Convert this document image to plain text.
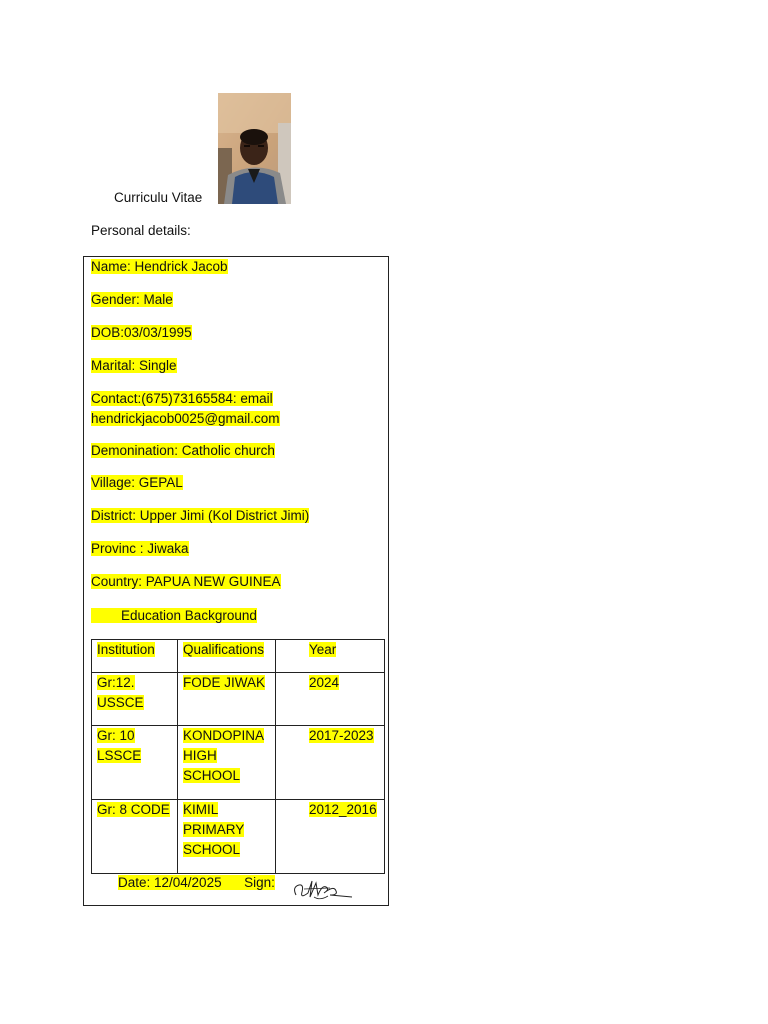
Curriculu Vitae
Personal details:
Name: Hendrick Jacob
Gender: Male
DOB:03/03/1995
Marital: Single
Contact:(675)73165584: email
hendrickjacob0025@gmail.com
Demonination: Catholic church
Village: GEPAL
District: Upper Jimi (Kol District Jimi)
Provinc : Jiwaka
Country: PAPUA NEW GUINEA
Education Background
Institution	Qualifications	Year
Gr:12. USSCE	FODE JIWAK	2024
Gr: 10 LSSCE	KONDOPINA HIGH SCHOOL	2017-2023
Gr: 8 CODE	KIMIL PRIMARY SCHOOL	2012_2016
Date: 12/04/2025      Sign:
